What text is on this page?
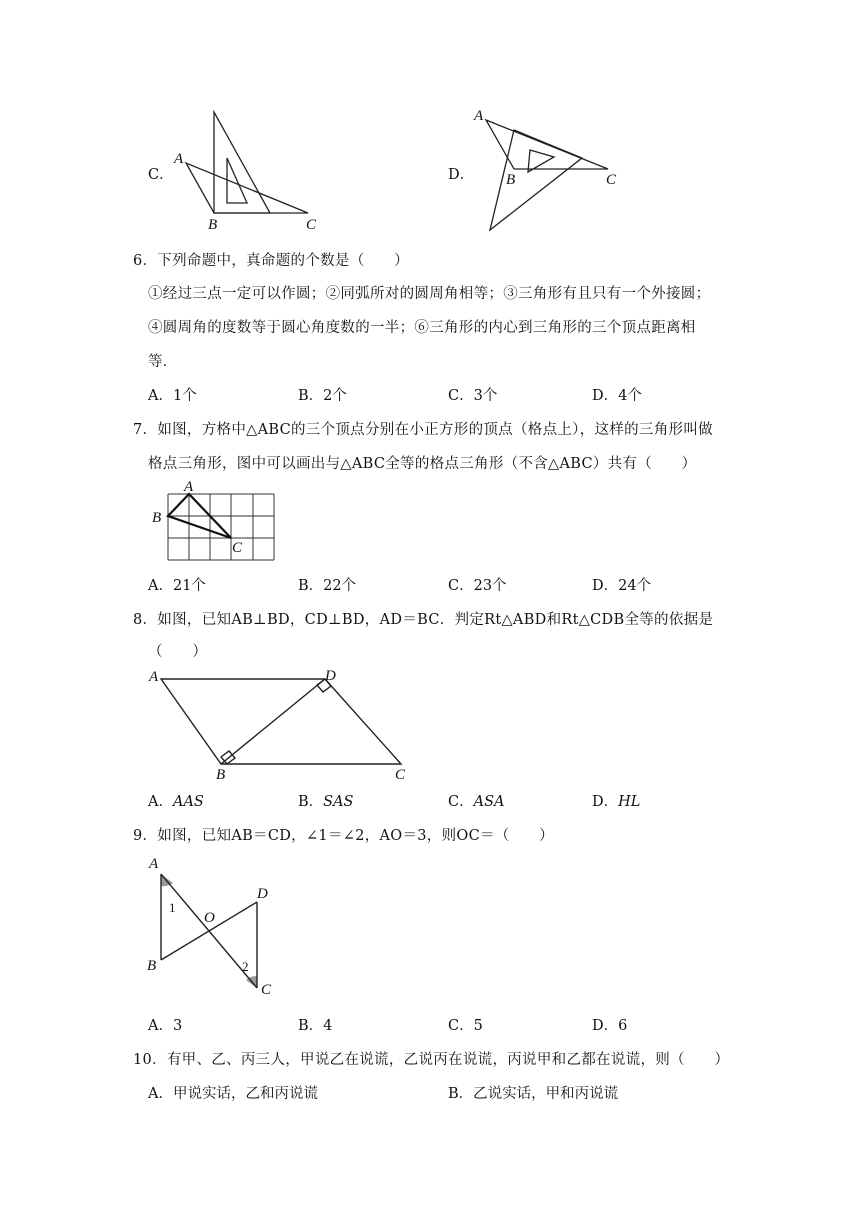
C．
A
B	C
D．
A
B	C
6．下列命题中，真命题的个数是（　　）
①经过三点一定可以作圆；②同弧所对的圆周角相等；③三角形有且只有一个外接圆；
④圆周角的度数等于圆心角度数的一半；⑥三角形的内心到三角形的三个顶点距离相
等．
A．1个	B．2个	C．3个	D．4个
7．如图，方格中△ABC的三个顶点分别在小正方形的顶点（格点上），这样的三角形叫做
格点三角形，图中可以画出与△ABC全等的格点三角形（不含△ABC）共有（　　）
A
B
C
A．21个	B．22个	C．23个	D．24个
8．如图，已知AB⊥BD，CD⊥BD，AD＝BC．判定Rt△ABD和Rt△CDB全等的依据是
（　　）
A
B	C
D
A．AAS	B．SAS	C．ASA	D．HL
9．如图，已知AB＝CD，∠1＝∠2，AO＝3，则OC＝（　　）
A
B
C
D
O
1
2
A．3	B．4	C．5	D．6
10．有甲、乙、丙三人，甲说乙在说谎，乙说丙在说谎，丙说甲和乙都在说谎，则（　　）
A．甲说实话，乙和丙说谎	B．乙说实话，甲和丙说谎
